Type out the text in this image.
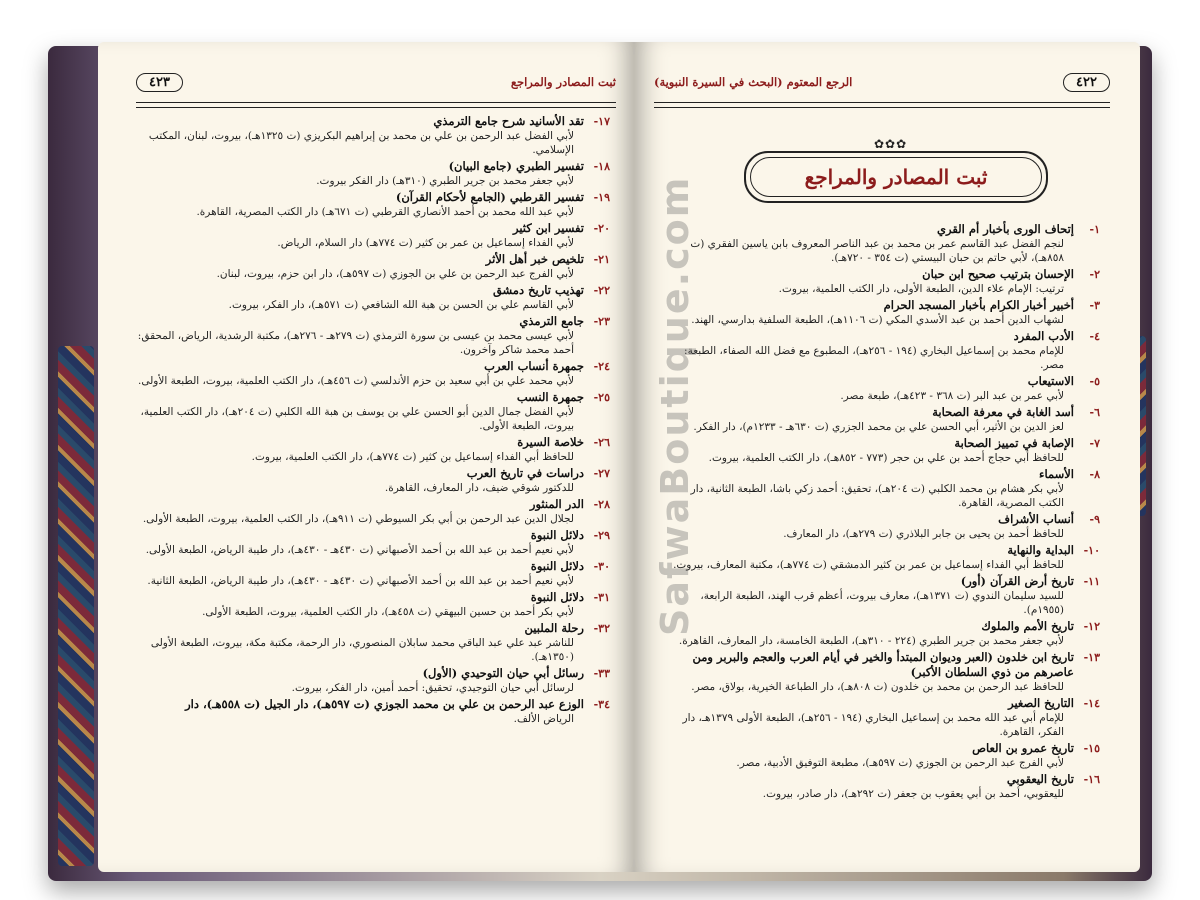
ثبت المصادر والمراجع
٤٢٣
١٧-
تقد الأسانيد شرح جامع الترمذي
لأبي الفضل عبد الرحمن بن علي بن محمد بن إبراهيم البكريزي (ت ١٣٢٥هـ)، بيروت، لبنان، المكتب الإسلامي.
١٨-
تفسير الطبري (جامع البيان)
لأبي جعفر محمد بن جرير الطبري (٣١٠هـ) دار الفكر بيروت.
١٩-
تفسير القرطبي (الجامع لأحكام القرآن)
لأبي عبد الله محمد بن أحمد الأنصاري القرطبي (ت ٦٧١هـ) دار الكتب المصرية، القاهرة.
٢٠-
تفسير ابن كثير
لأبي الفداء إسماعيل بن عمر بن كثير (ت ٧٧٤هـ) دار السلام، الرياض.
٢١-
تلخيص خبر أهل الأثر
لأبي الفرج عبد الرحمن بن علي بن الجوزي (ت ٥٩٧هـ)، دار ابن حزم، بيروت، لبنان.
٢٢-
تهذيب تاريخ دمشق
لأبي القاسم علي بن الحسن بن هبة الله الشافعي (ت ٥٧١هـ)، دار الفكر، بيروت.
٢٣-
جامع الترمذي
لأبي عيسى محمد بن عيسى بن سورة الترمذي (ت ٢٧٩هـ - ٢٧٦هـ)، مكتبة الرشدية، الرياض، المحقق: أحمد محمد شاكر وآخرون.
٢٤-
جمهرة أنساب العرب
لأبي محمد علي بن أبي سعيد بن حزم الأندلسي (ت ٤٥٦هـ)، دار الكتب العلمية، بيروت، الطبعة الأولى.
٢٥-
جمهرة النسب
لأبي الفضل جمال الدين أبو الحسن علي بن يوسف بن هبة الله الكلبي (ت ٢٠٤هـ)، دار الكتب العلمية، بيروت، الطبعة الأولى.
٢٦-
خلاصة السيرة
للحافظ أبي الفداء إسماعيل بن كثير (ت ٧٧٤هـ)، دار الكتب العلمية، بيروت.
٢٧-
دراسات في تاريخ العرب
للدكتور شوقي ضيف، دار المعارف، القاهرة.
٢٨-
الدر المنثور
لجلال الدين عبد الرحمن بن أبي بكر السيوطي (ت ٩١١هـ)، دار الكتب العلمية، بيروت، الطبعة الأولى.
٢٩-
دلائل النبوة
لأبي نعيم أحمد بن عبد الله بن أحمد الأصبهاني (ت ٤٣٠هـ - ٤٣٠هـ)، دار طيبة الرياض، الطبعة الأولى.
٣٠-
دلائل النبوة
لأبي نعيم أحمد بن عبد الله بن أحمد الأصبهاني (ت ٤٣٠هـ - ٤٣٠هـ)، دار طيبة الرياض، الطبعة الثانية.
٣١-
دلائل النبوة
لأبي بكر أحمد بن حسين البيهقي (ت ٤٥٨هـ)، دار الكتب العلمية، بيروت، الطبعة الأولى.
٣٢-
رحلة الملبين
للناشر عبد علي عبد الباقي محمد سابلان المنصوري، دار الرحمة، مكتبة مكة، بيروت، الطبعة الأولى (١٣٥٠هـ).
٣٣-
رسائل أبي حيان التوحيدي (الأول)
لرسائل أبي حيان التوجيدي، تحقيق: أحمد أمين، دار الفكر، بيروت.
٣٤-
الوزع عبد الرحمن بن علي بن محمد الجوزي (ت ٥٩٧هـ)، دار الجيل (ت ٥٥٨هـ)، دار
الرياض الألف.
٤٢٢
الرجع المعتوم (البحث في السيرة النبوية)
✿✿✿
ثبت المصادر والمراجع
١-
إتحاف الورى بأخبار أم القري
لنجم الفضل عبد القاسم عمر بن محمد بن عبد الناصر المعروف بابن ياسين الفقري (ت ٨٥٨هـ)، لأبي حاتم بن حبان البيستي (ت ٣٥٤ - ٧٢٠هـ).
٢-
الإحسان بترتيب صحيح ابن حبان
ترتيب: الإمام علاء الدين، الطبعة الأولى، دار الكتب العلمية، بيروت.
٣-
أخبير أخبار الكرام بأخبار المسجد الحرام
لشهاب الدين أحمد بن عبد الأسدي المكي (ت ١١٠٦هـ)، الطبعة السلفية بدارسي، الهند.
٤-
الأدب المفرد
للإمام محمد بن إسماعيل البخاري (١٩٤ - ٢٥٦هـ)، المطبوع مع فضل الله الصفاء، الطبعة: مصر.
٥-
الاستيعاب
لأبي عمر بن عبد البر (ت ٣٦٨ - ٤٢٣هـ)، طبعة مصر.
٦-
أسد الغابة في معرفة الصحابة
لعز الدين بن الأثير، أبي الحسن علي بن محمد الجزري (ت ٦٣٠هـ - ١٢٣٣م)، دار الفكر.
٧-
الإصابة في تمييز الصحابة
للحافظ أبي حجاج أحمد بن علي بن حجر (٧٧٣ - ٨٥٢هـ)، دار الكتب العلمية، بيروت.
٨-
الأسماء
لأبي بكر هشام بن محمد الكلبي (ت ٢٠٤هـ)، تحقيق: أحمد زكي باشا، الطبعة الثانية، دار الكتب المصرية، القاهرة.
٩-
أنساب الأشراف
للحافظ أحمد بن يحيى بن جابر البلاذري (ت ٢٧٩هـ)، دار المعارف.
١٠-
البداية والنهاية
للحافظ أبي الفداء إسماعيل بن عمر بن كثير الدمشقي (ت ٧٧٤هـ)، مكتبة المعارف، بيروت.
١١-
تاريخ أرض القرآن (أور)
للسيد سليمان الندوي (ت ١٣٧١هـ)، معارف بيروت، أعظم قرب الهند، الطبعة الرابعة، (١٩٥٥م).
١٢-
تاريخ الأمم والملوك
لأبي جعفر محمد بن جرير الطبري (٢٢٤ - ٣١٠هـ)، الطبعة الخامسة، دار المعارف، القاهرة.
١٣-
تاريخ ابن خلدون (العبر وديوان المبتدأ والخير في أيام العرب والعجم والبربر ومن عاصرهم من ذوي السلطان الأكبر)
للحافظ عبد الرحمن بن محمد بن خلدون (ت ٨٠٨هـ)، دار الطباعة الخيرية، بولاق، مصر.
١٤-
التاريخ الصغير
للإمام أبي عبد الله محمد بن إسماعيل البخاري (١٩٤ - ٢٥٦هـ)، الطبعة الأولى ١٣٧٩هـ، دار الفكر، القاهرة.
١٥-
تاريخ عمرو بن العاص
لأبي الفرج عبد الرحمن بن الجوزي (ت ٥٩٧هـ)، مطبعة التوفيق الأدبية، مصر.
١٦-
تاريخ اليعقوبي
لليعقوبي، أحمد بن أبي يعقوب بن جعفر (ت ٢٩٢هـ)، دار صادر، بيروت.
SafwaBoutique.com
